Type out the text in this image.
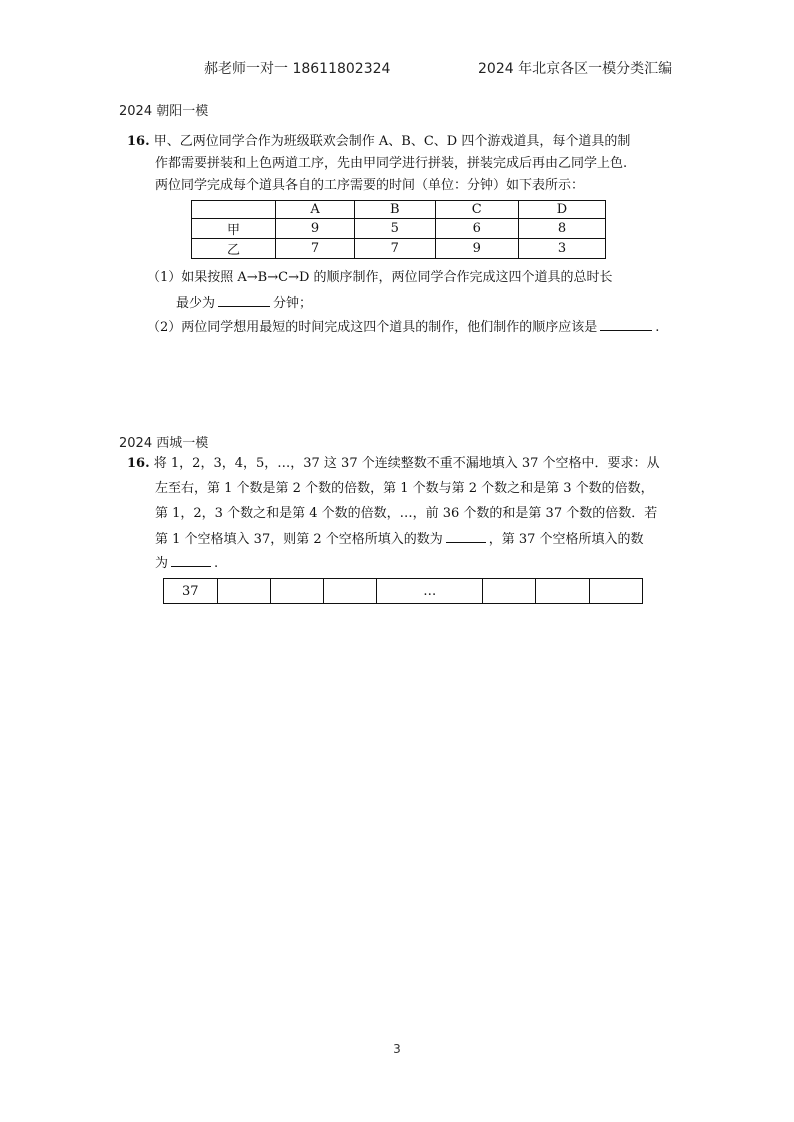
郝老师一对一 18611802324	2024 年北京各区一模分类汇编
2024 朝阳一模
16. 甲、乙两位同学合作为班级联欢会制作 A、B、C、D 四个游戏道具，每个道具的制
作都需要拼装和上色两道工序，先由甲同学进行拼装，拼装完成后再由乙同学上色.
两位同学完成每个道具各自的工序需要的时间（单位：分钟）如下表所示：
	A	B	C	D
甲	9	5	6	8
乙	7	7	9	3
（1）如果按照 A→B→C→D 的顺序制作，两位同学合作完成这四个道具的总时长
最少为	分钟；
（2）两位同学想用最短的时间完成这四个道具的制作，他们制作的顺序应该是	.
2024 西城一模
16. 将 1，2，3，4，5，…，37 这 37 个连续整数不重不漏地填入 37 个空格中．要求：从
左至右，第 1 个数是第 2 个数的倍数，第 1 个数与第 2 个数之和是第 3 个数的倍数，
第 1，2，3 个数之和是第 4 个数的倍数，…，前 36 个数的和是第 37 个数的倍数．若
第 1 个空格填入 37，则第 2 个空格所填入的数为	，第 37 个空格所填入的数
为	.
37				…			
3
